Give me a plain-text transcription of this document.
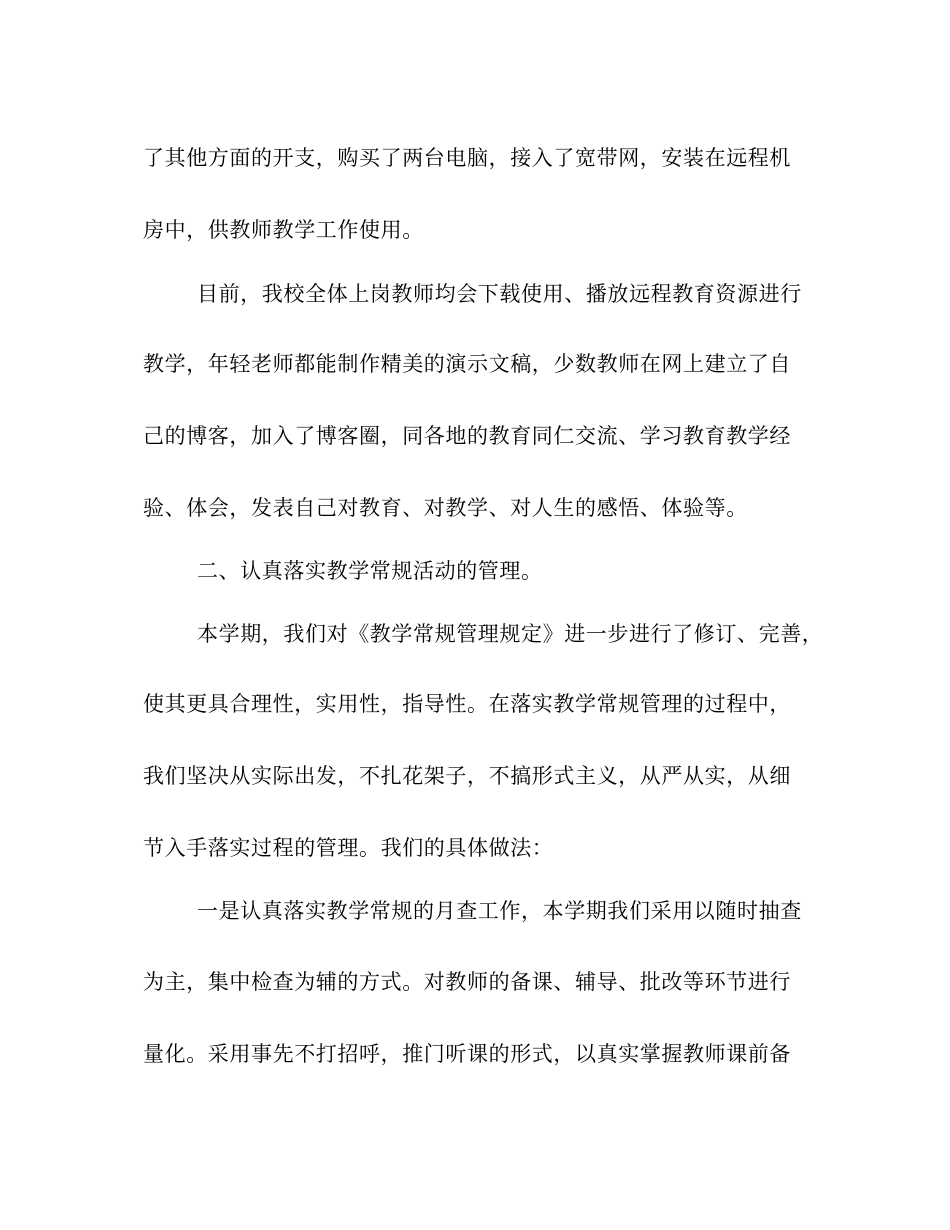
了其他方面的开支，购买了两台电脑，接入了宽带网，安装在远程机
房中，供教师教学工作使用。
目前，我校全体上岗教师均会下载使用、播放远程教育资源进行
教学，年轻老师都能制作精美的演示文稿，少数教师在网上建立了自
己的博客，加入了博客圈，同各地的教育同仁交流、学习教育教学经
验、体会，发表自己对教育、对教学、对人生的感悟、体验等。
二、认真落实教学常规活动的管理。
本学期，我们对《教学常规管理规定》进一步进行了修订、完善，
使其更具合理性，实用性，指导性。在落实教学常规管理的过程中，
我们坚决从实际出发，不扎花架子，不搞形式主义，从严从实，从细
节入手落实过程的管理。我们的具体做法：
一是认真落实教学常规的月查工作，本学期我们采用以随时抽查
为主，集中检查为辅的方式。对教师的备课、辅导、批改等环节进行
量化。采用事先不打招呼，推门听课的形式，以真实掌握教师课前备
